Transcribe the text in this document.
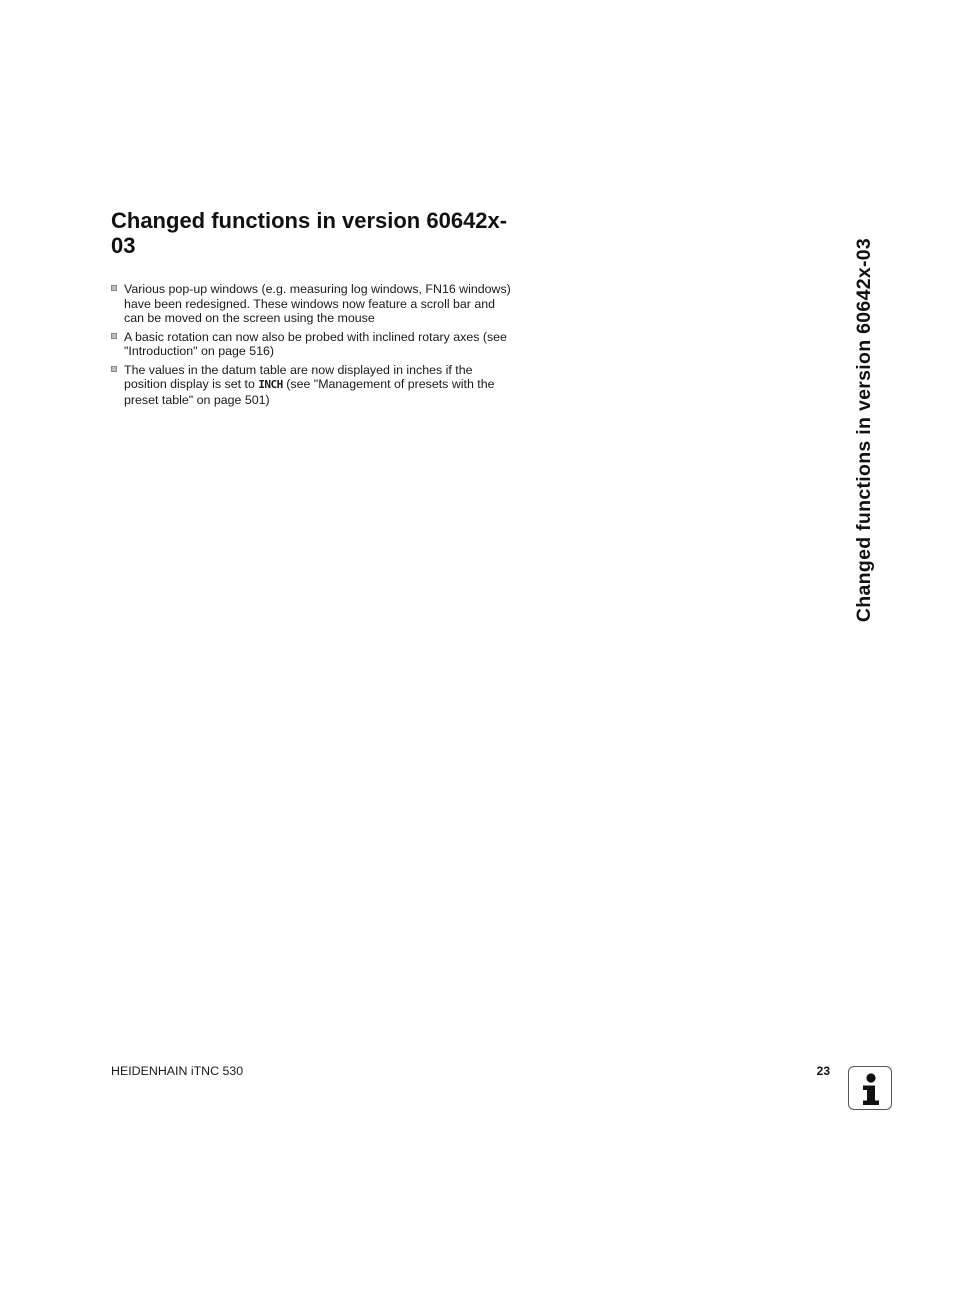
Changed functions in version 60642x-03
Various pop-up windows (e.g. measuring log windows, FN16 windows) have been redesigned. These windows now feature a scroll bar and can be moved on the screen using the mouse
A basic rotation can now also be probed with inclined rotary axes (see "Introduction" on page 516)
The values in the datum table are now displayed in inches if the position display is set to INCH (see "Management of presets with the preset table" on page 501)	Changed functions in version 60642x-03
HEIDENHAIN iTNC 530	23
